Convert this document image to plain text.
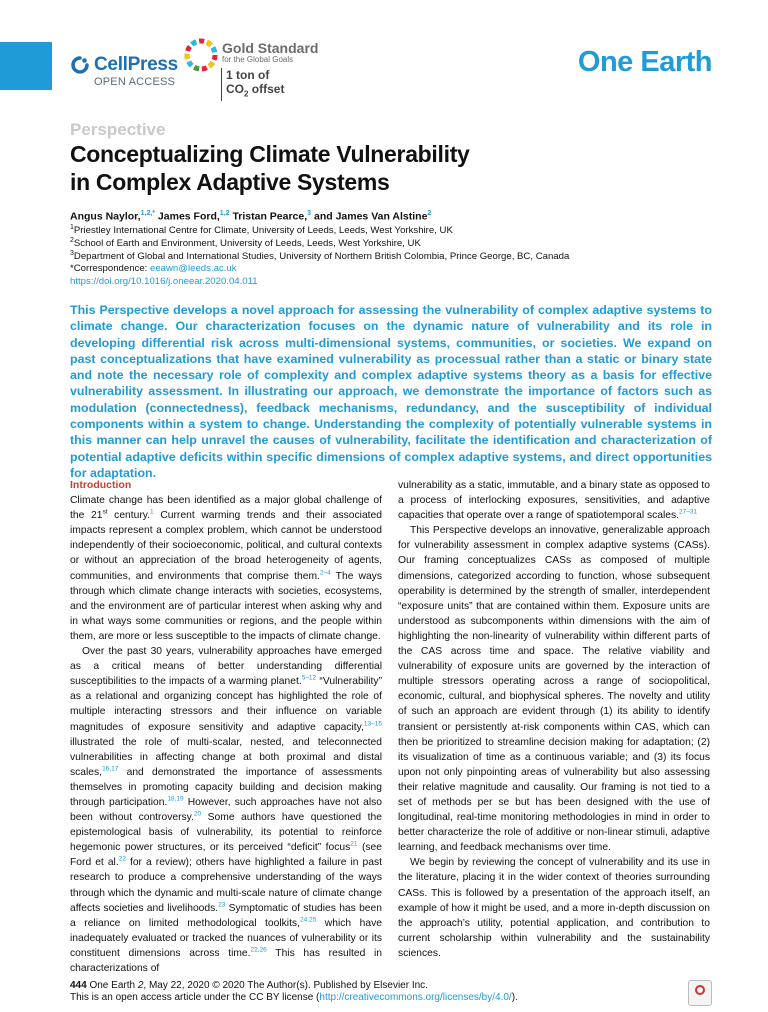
CellPress
OPEN ACCESS
Gold Standard
for the Global Goals
1 ton of
$CO_2$ offset
One Earth
Perspective
Conceptualizing Climate Vulnerability
in Complex Adaptive Systems
Angus Naylor,$^{1,2,*}$ James Ford,$^{1,2}$ Tristan Pearce,$^3$ and James Van Alstine$^2$
$^1$Priestley International Centre for Climate, University of Leeds, Leeds, West Yorkshire, UK
$^2$School of Earth and Environment, University of Leeds, Leeds, West Yorkshire, UK
$^3$Department of Global and International Studies, University of Northern British Colombia, Prince George, BC, Canada
*Correspondence: eeawn@leeds.ac.uk
https://doi.org/10.1016/j.oneear.2020.04.011
This Perspective develops a novel approach for assessing the vulnerability of complex adaptive systems to climate change. Our characterization focuses on the dynamic nature of vulnerability and its role in developing differential risk across multi-dimensional systems, communities, or societies. We expand on past conceptualizations that have examined vulnerability as processual rather than a static or binary state and note the necessary role of complexity and complex adaptive systems theory as a basis for effective vulnerability assessment. In illustrating our approach, we demonstrate the importance of factors such as modulation (connectedness), feedback mechanisms, redundancy, and the susceptibility of individual components within a system to change. Understanding the complexity of potentially vulnerable systems in this manner can help unravel the causes of vulnerability, facilitate the identification and characterization of potential adaptive deficits within specific dimensions of complex adaptive systems, and direct opportunities for adaptation.
Introduction

Climate change has been identified as a major global challenge of the 21st century.$^1$ Current warming trends and their associated impacts represent a complex problem, which cannot be understood independently of their socioeconomic, political, and cultural contexts or without an appreciation of the broad heterogeneity of agents, communities, and environments that comprise them.$^{2-4}$ The ways through which climate change interacts with societies, ecosystems, and the environment are of particular interest when asking why and in what ways some communities or regions, and the people within them, are more or less susceptible to the impacts of climate change.

Over the past 30 years, vulnerability approaches have emerged as a critical means of better understanding differential susceptibilities to the impacts of a warming planet.$^{5-12}$ “Vulnerability” as a relational and organizing concept has highlighted the role of multiple interacting stressors and their influence on variable magnitudes of exposure sensitivity and adaptive capacity,$^{13-15}$ illustrated the role of multi-scalar, nested, and teleconnected vulnerabilities in affecting change at both proximal and distal scales,$^{16,17}$ and demonstrated the importance of assessments themselves in promoting capacity building and decision making through participation.$^{18,19}$ However, such approaches have not also been without controversy.$^{20}$ Some authors have questioned the epistemological basis of vulnerability, its potential to reinforce hegemonic power structures, or its perceived “deficit” focus$^{21}$ (see Ford et al.$^{22}$ for a review); others have highlighted a failure in past research to produce a comprehensive understanding of the ways through which the dynamic and multi-scale nature of climate change affects societies and livelihoods.$^{23}$ Symptomatic of studies has been a reliance on limited methodological toolkits,$^{24,25}$ which have inadequately evaluated or tracked the nuances of vulnerability or its constituent dimensions across time.$^{22,26}$ This has resulted in characterizations of

vulnerability as a static, immutable, and a binary state as opposed to a process of interlocking exposures, sensitivities, and adaptive capacities that operate over a range of spatiotemporal scales.$^{27-31}$

This Perspective develops an innovative, generalizable approach for vulnerability assessment in complex adaptive systems (CASs). Our framing conceptualizes CASs as composed of multiple dimensions, categorized according to function, whose subsequent operability is determined by the strength of smaller, interdependent “exposure units” that are contained within them. Exposure units are understood as subcomponents within dimensions with the aim of highlighting the non-linearity of vulnerability within different parts of the CAS across time and space. The relative viability and vulnerability of exposure units are governed by the interaction of multiple stressors operating across a range of sociopolitical, economic, cultural, and biophysical spheres. The novelty and utility of such an approach are evident through (1) its ability to identify transient or persistently at-risk components within CAS, which can then be prioritized to streamline decision making for adaptation; (2) its visualization of time as a continuous variable; and (3) its focus upon not only pinpointing areas of vulnerability but also assessing their relative magnitude and causality. Our framing is not tied to a set of methods per se but has been designed with the use of longitudinal, real-time monitoring methodologies in mind in order to better characterize the role of additive or non-linear stimuli, adaptive learning, and feedback mechanisms over time.

We begin by reviewing the concept of vulnerability and its use in the literature, placing it in the wider context of theories surrounding CASs. This is followed by a presentation of the approach itself, an example of how it might be used, and a more in-depth discussion on the approach’s utility, potential application, and contribution to current scholarship within vulnerability and the sustainability sciences.

444 One Earth 2, May 22, 2020 © 2020 The Author(s). Published by Elsevier Inc.
This is an open access article under the CC BY license (http://creativecommons.org/licenses/by/4.0/).
